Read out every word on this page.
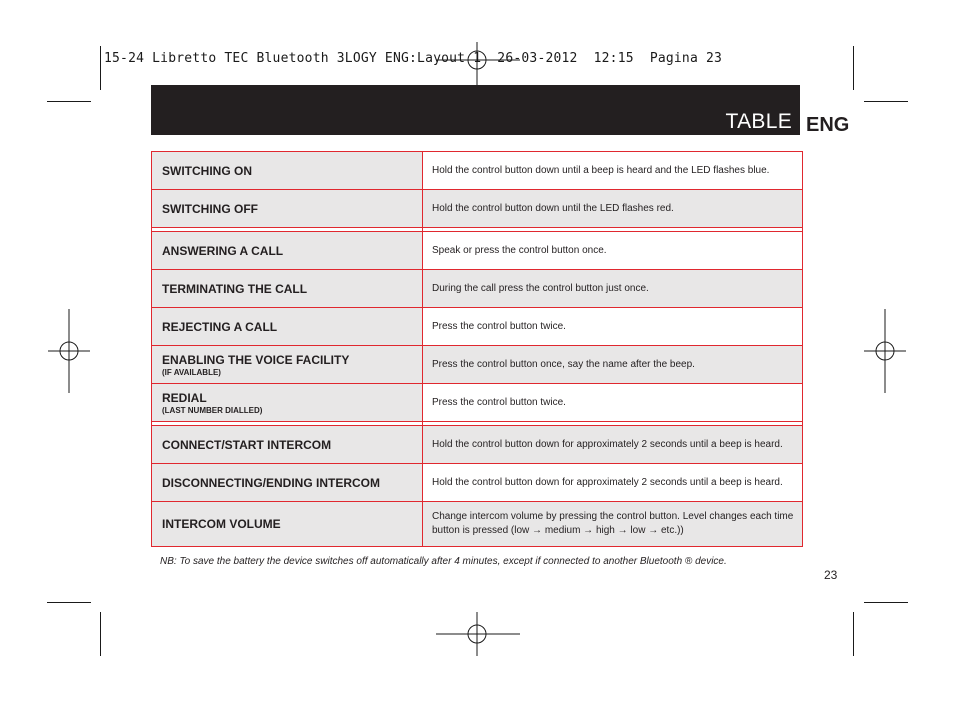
15-24 Libretto TEC Bluetooth 3LOGY ENG:Layout 1  26-03-2012  12:15  Pagina 23
TABLE ENG
SWITCHING ON	Hold the control button down until a beep is heard and the LED flashes blue.
SWITCHING OFF	Hold the control button down until the LED flashes red.

ANSWERING A CALL	Speak or press the control button once.
TERMINATING THE CALL	During the call press the control button just once.
REJECTING A CALL	Press the control button twice.
ENABLING THE VOICE FACILITY
(IF AVAILABLE)	Press the control button once, say the name after the beep.
REDIAL
(LAST NUMBER DIALLED)	Press the control button twice.

CONNECT/START INTERCOM	Hold the control button down for approximately 2 seconds until a beep is heard.
DISCONNECTING/ENDING INTERCOM	Hold the control button down for approximately 2 seconds until a beep is heard.
INTERCOM VOLUME	Change intercom volume by pressing the control button. Level changes each time button is pressed (low → medium → high → low → etc.))
NB: To save the battery the device switches off automatically after 4 minutes, except if connected to another Bluetooth ® device.
23
